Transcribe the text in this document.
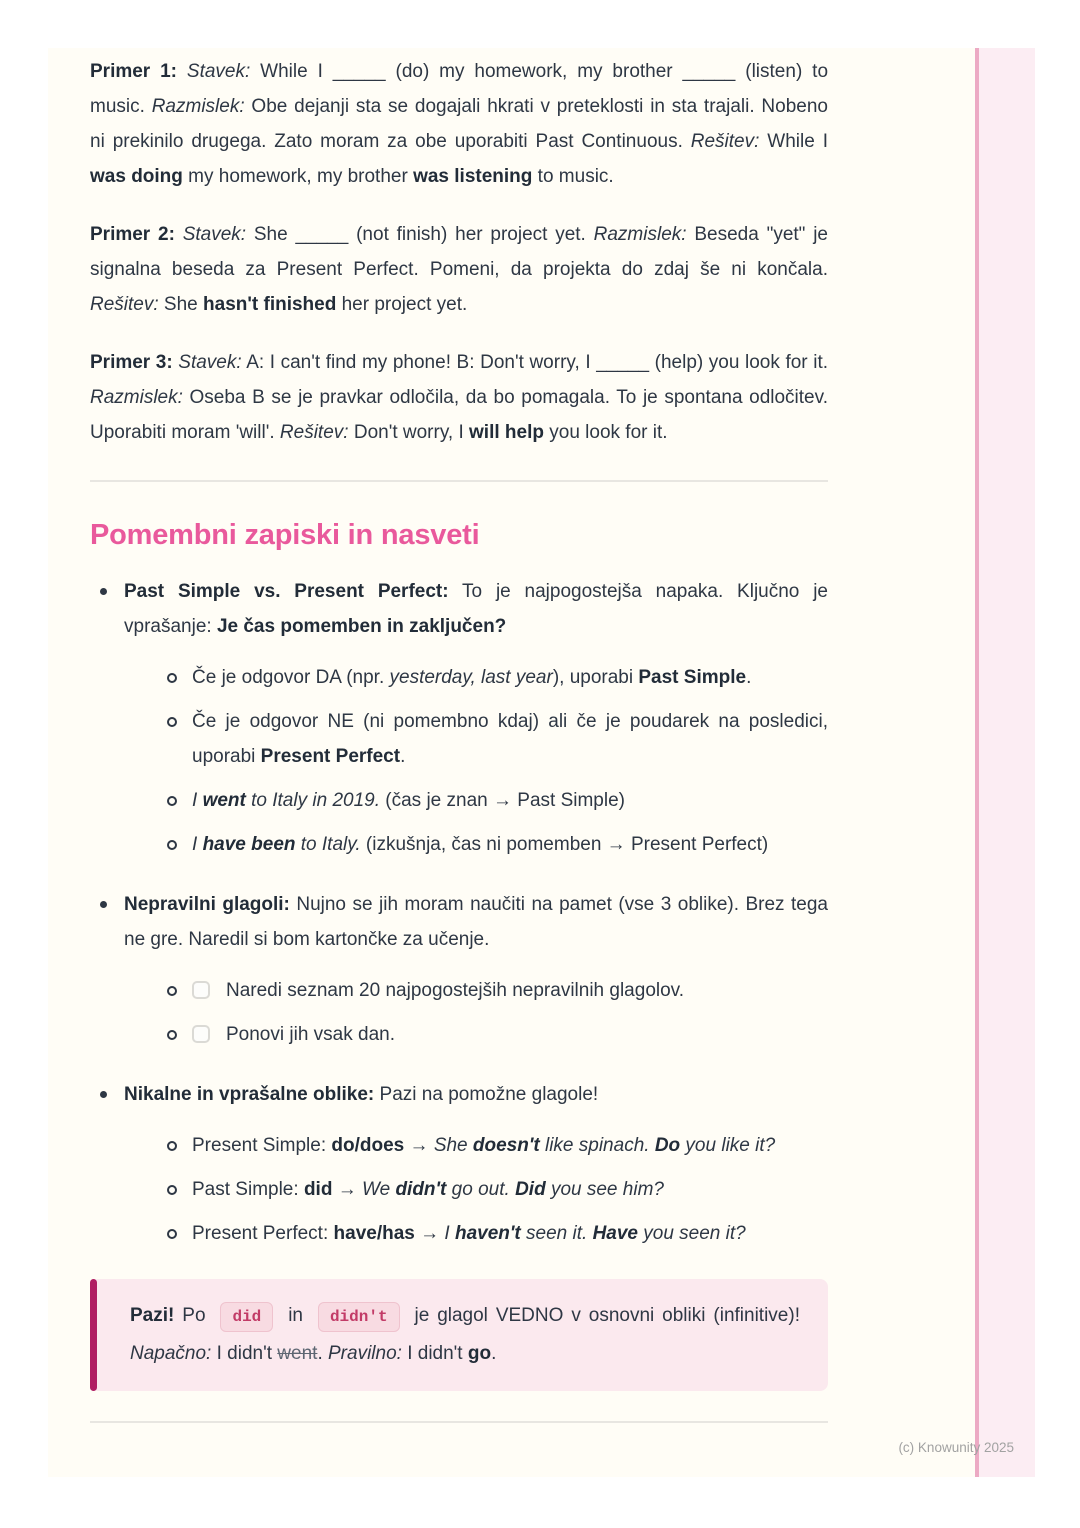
Primer 1: Stavek: While I _____ (do) my homework, my brother _____ (listen) to music. Razmislek: Obe dejanji sta se dogajali hkrati v preteklosti in sta trajali. Nobeno ni prekinilo drugega. Zato moram za obe uporabiti Past Continuous. Rešitev: While I was doing my homework, my brother was listening to music.

Primer 2: Stavek: She _____ (not finish) her project yet. Razmislek: Beseda "yet" je signalna beseda za Present Perfect. Pomeni, da projekta do zdaj še ni končala. Rešitev: She hasn't finished her project yet.

Primer 3: Stavek: A: I can't find my phone! B: Don't worry, I _____ (help) you look for it. Razmislek: Oseba B se je pravkar odločila, da bo pomagala. To je spontana odločitev. Uporabiti moram 'will'. Rešitev: Don't worry, I will help you look for it.

Pomembni zapiski in nasveti
Past Simple vs. Present Perfect: To je najpogostejša napaka. Ključno je vprašanje: Je čas pomemben in zaključen?
Če je odgovor DA (npr. yesterday, last year), uporabi Past Simple.
Če je odgovor NE (ni pomembno kdaj) ali če je poudarek na posledici, uporabi Present Perfect.
I went to Italy in 2019. (čas je znan → Past Simple)
I have been to Italy. (izkušnja, čas ni pomemben → Present Perfect)
Nepravilni glagoli: Nujno se jih moram naučiti na pamet (vse 3 oblike). Brez tega ne gre. Naredil si bom kartončke za učenje.
Naredi seznam 20 najpogostejših nepravilnih glagolov.
Ponovi jih vsak dan.
Nikalne in vprašalne oblike: Pazi na pomožne glagole!
Present Simple: do/does → She doesn't like spinach. Do you like it?
Past Simple: did → We didn't go out. Did you see him?
Present Perfect: have/has → I haven't seen it. Have you seen it?
Pazi! Po did in didn't je glagol VEDNO v osnovni obliki (infinitive)! Napačno: I didn't went. Pravilno: I didn't go.
(c) Knowunity 2025
